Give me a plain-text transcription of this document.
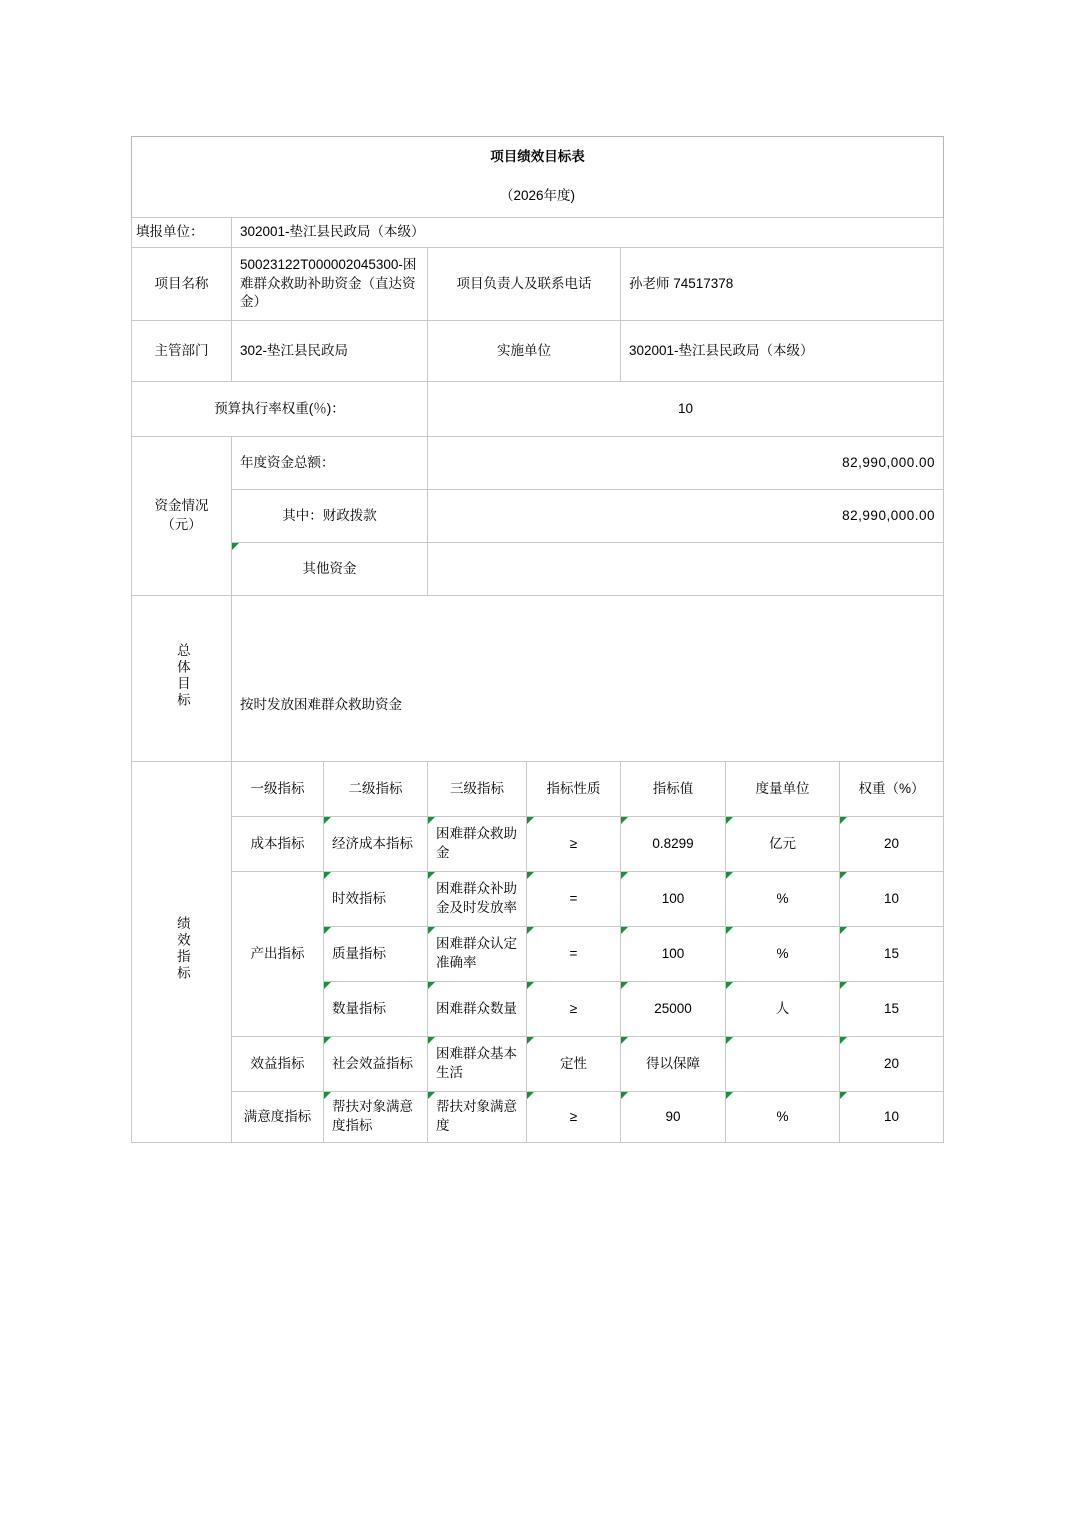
项目绩效目标表							
（2026年度)							
填报单位：	302001-垫江县民政局（本级）						
项目名称	50023122T000002045300-困难群众救助补助资金（直达资金）		项目负责人及联系电话		孙老师 74517378		
主管部门	302-垫江县民政局		实施单位		302001-垫江县民政局（本级）		
预算执行率权重(％)：			10				

资金情况
（元）	年度资金总额：		82,990,000.00				
	其中：财政拨款		82,990,000.00				
	其他资金						
总体目标	按时发放困难群众救助资金						
绩效指标	一级指标	二级指标	三级指标	指标性质	指标值	度量单位	权重（%）
	成本指标	经济成本指标	困难群众救助金	≥	0.8299	亿元	20
	产出指标	时效指标	困难群众补助金及时发放率	=	100	%	10
		质量指标	困难群众认定准确率	=	100	%	15
		数量指标	困难群众数量	≥	25000	人	15
	效益指标	社会效益指标	困难群众基本生活	定性	得以保障		20
	满意度指标	帮扶对象满意度指标	帮扶对象满意度	≥	90	%	10
